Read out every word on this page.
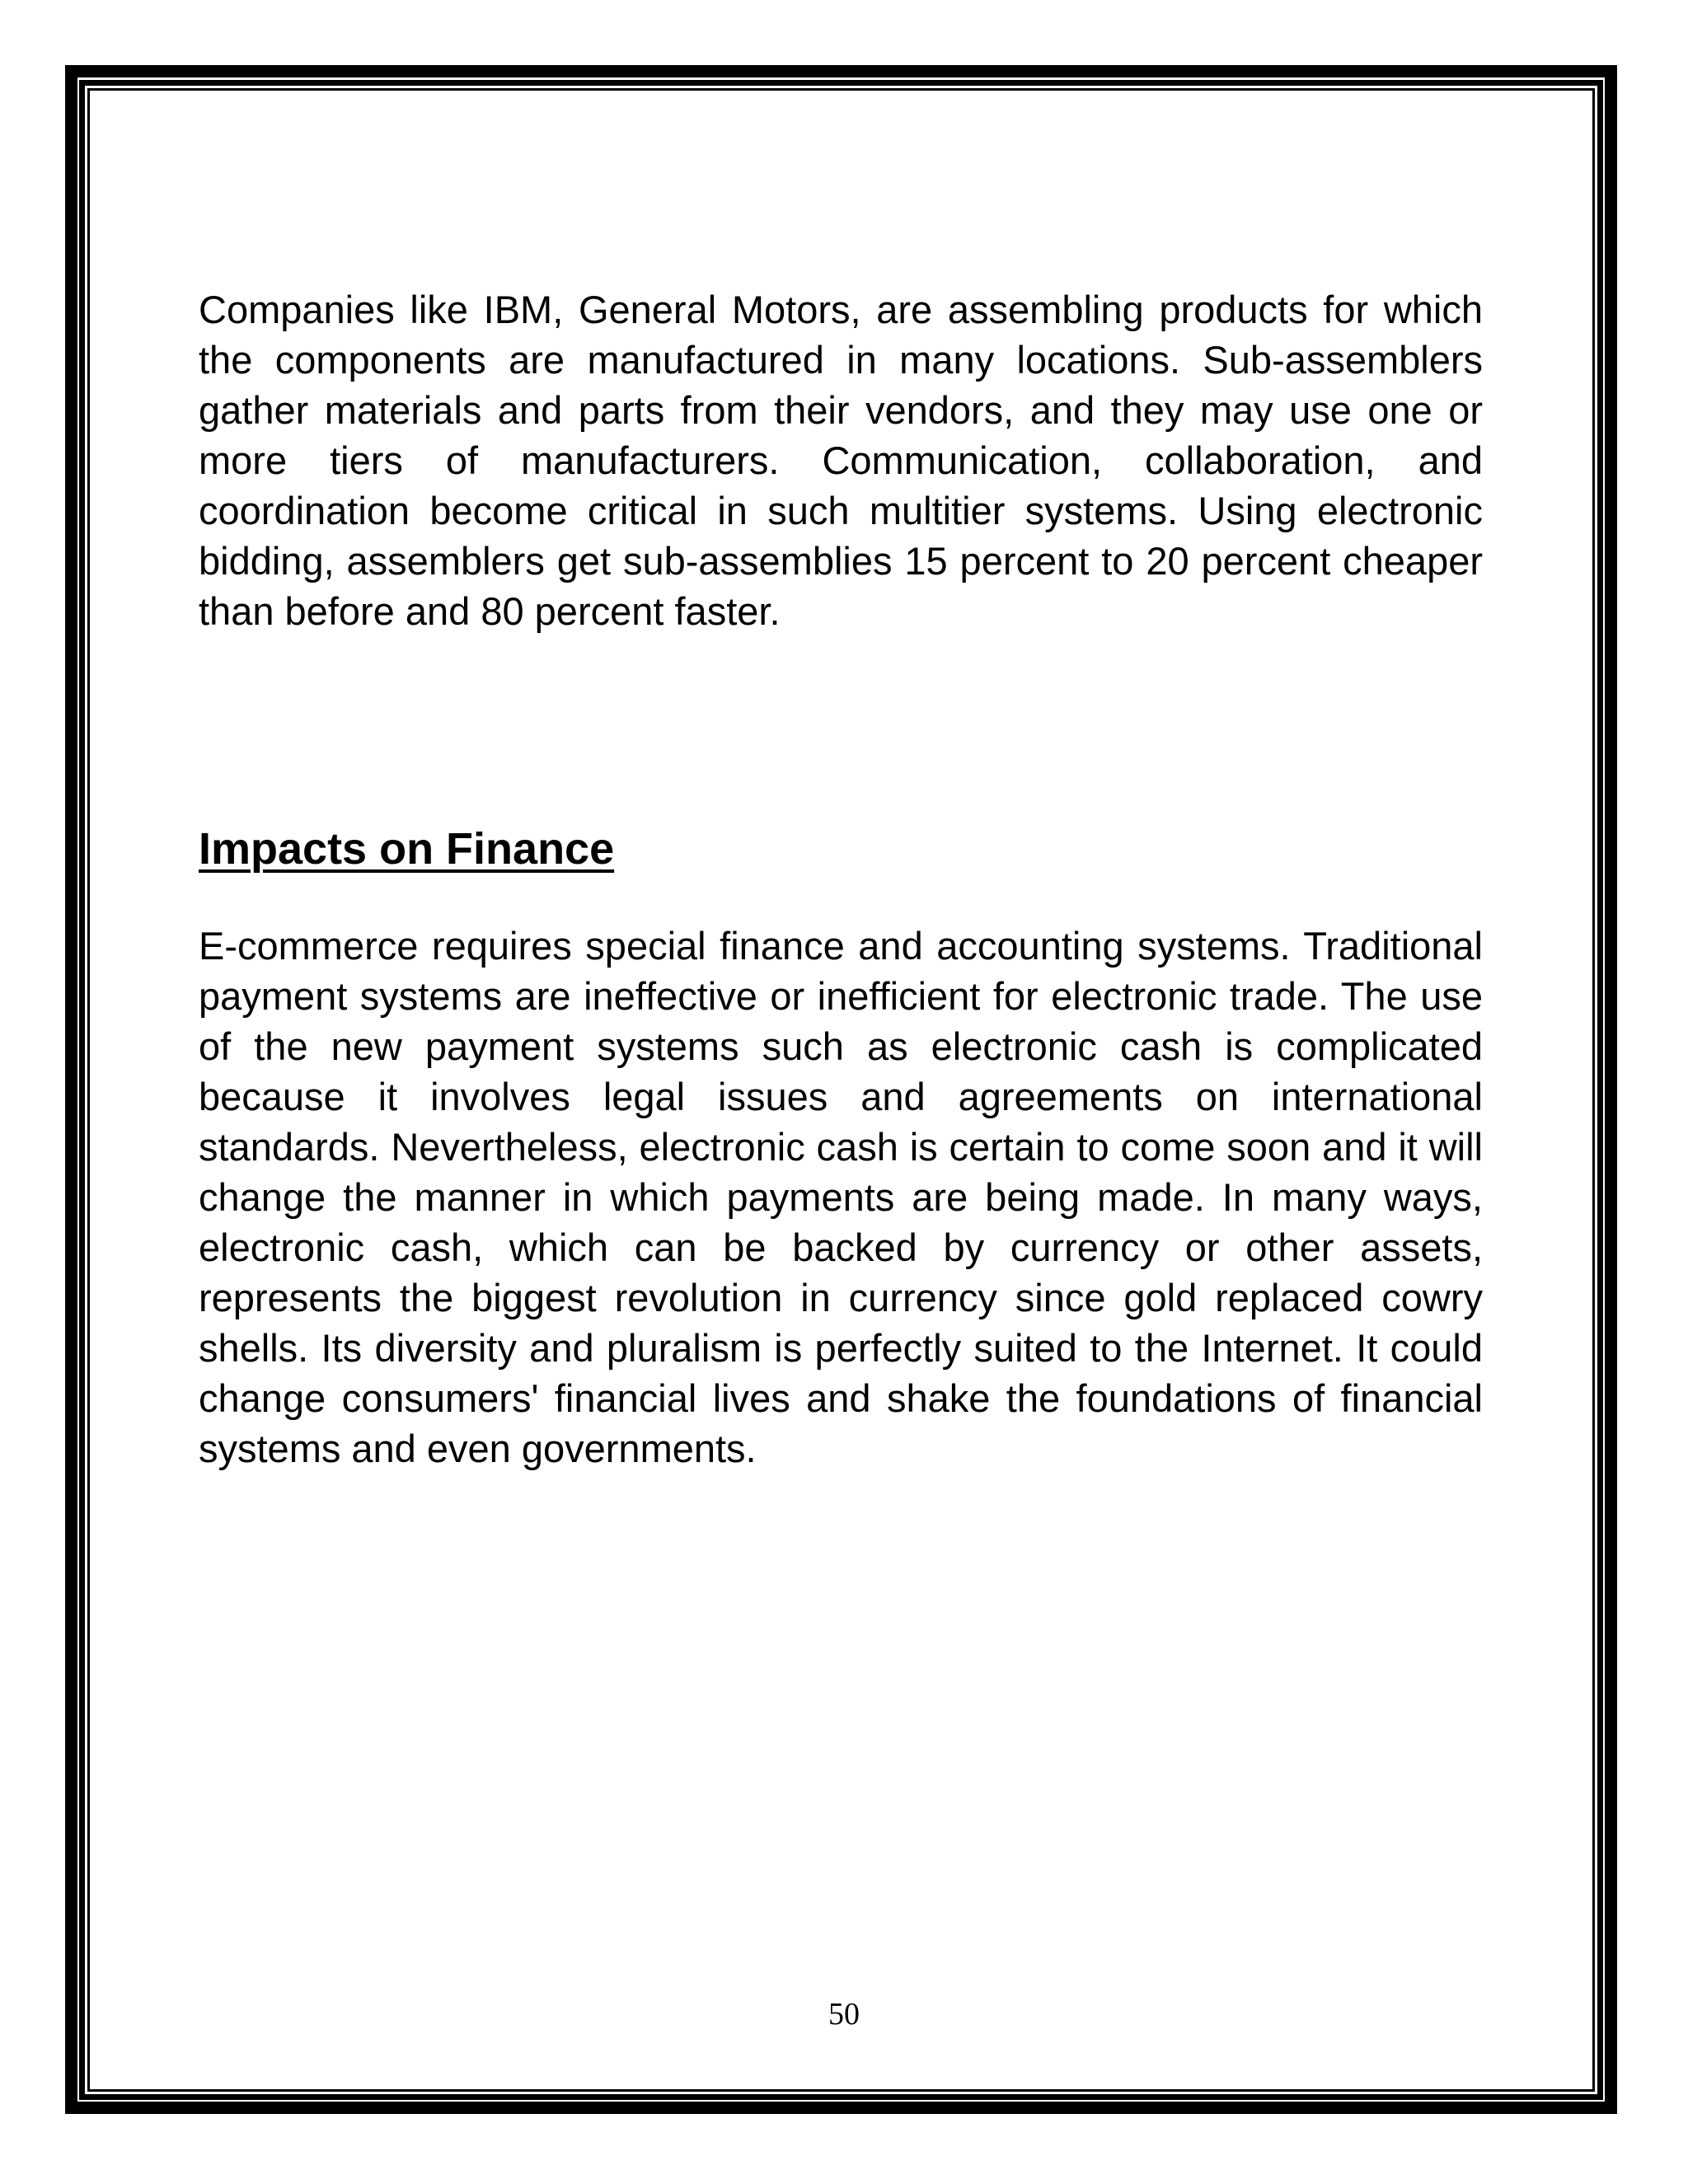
Companies like IBM, General Motors, are assembling products for which the components are manufactured in many locations. Sub-assemblers gather materials and parts from their vendors, and they may use one or more tiers of manufacturers. Communication, collaboration, and coordination become critical in such multitier systems. Using electronic bidding, assemblers get sub-assemblies 15 percent to 20 percent cheaper than before and 80 percent faster.

Impacts on Finance

E-commerce requires special finance and accounting systems. Traditional payment systems are ineffective or inefficient for electronic trade. The use of the new payment systems such as electronic cash is complicated because it involves legal issues and agreements on international standards. Nevertheless, electronic cash is certain to come soon and it will change the manner in which payments are being made. In many ways, electronic cash, which can be backed by currency or other assets, represents the biggest revolution in currency since gold replaced cowry shells. Its diversity and pluralism is perfectly suited to the Internet. It could change consumers' financial lives and shake the foundations of financial systems and even governments.

50
